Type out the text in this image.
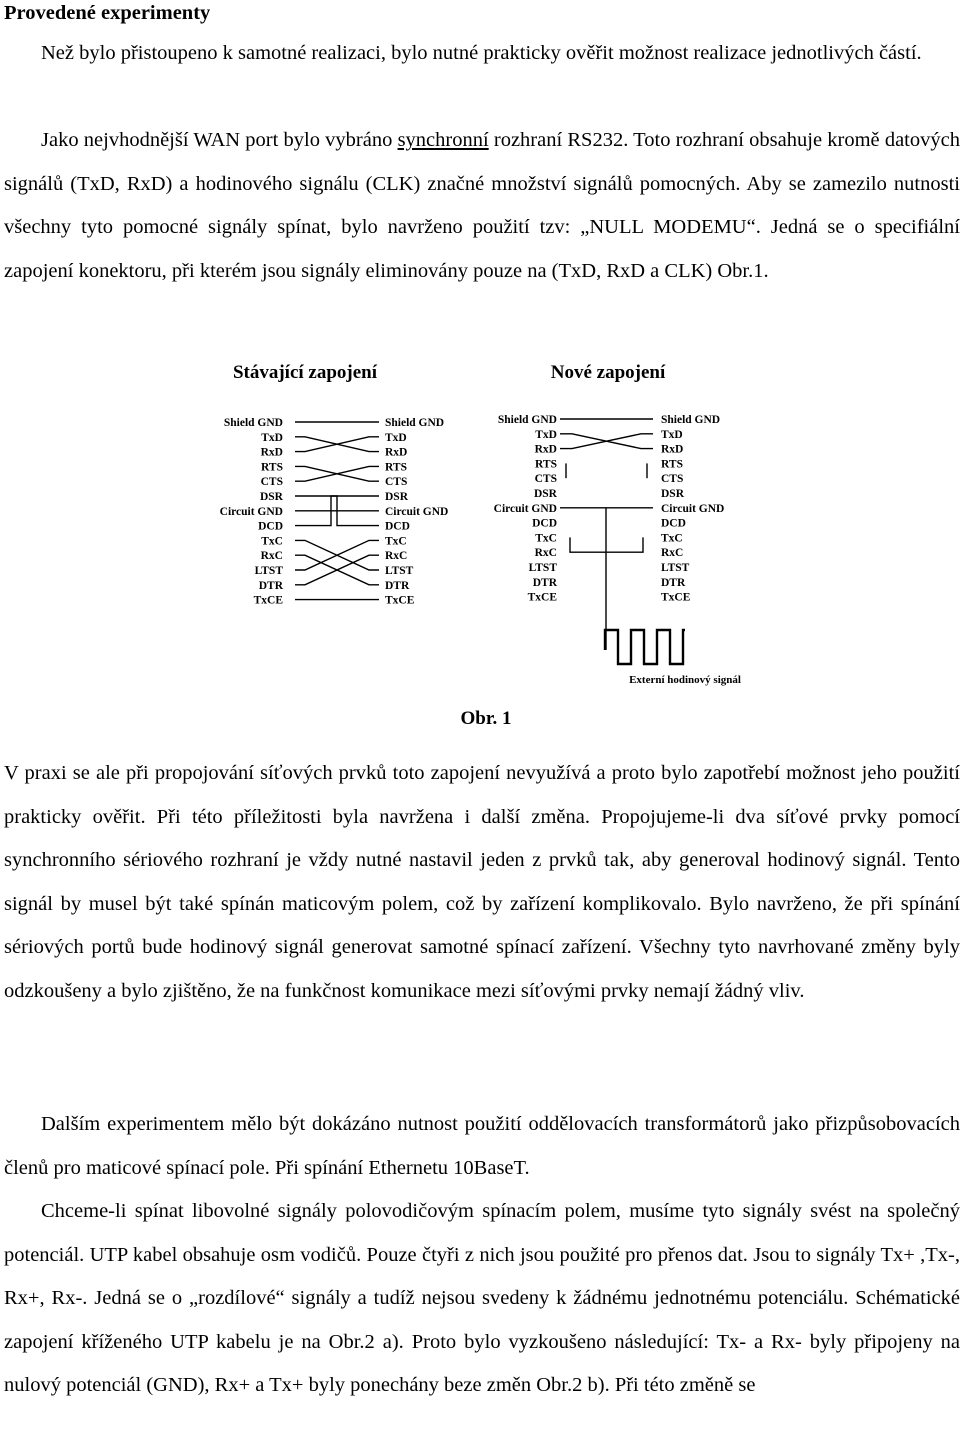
Provedené experimenty

Než bylo přistoupeno k samotné realizaci, bylo nutné prakticky ověřit možnost realizace jednotlivých částí.

Jako nejvhodnější WAN port bylo vybráno synchronní rozhraní RS232. Toto rozhraní obsahuje kromě datových signálů (TxD, RxD) a hodinového signálu (CLK) značné množství signálů pomocných. Aby se zamezilo nutnosti všechny tyto pomocné signály spínat, bylo navrženo použití tzv: „NULL MODEMU“. Jedná se o specifiální zapojení konektoru, při kterém jsou signály eliminovány pouze na (TxD, RxD a CLK) Obr.1.

Stávající zapojení	Nové zapojení
Shield GND
TxD
RxD
RTS
CTS
DSR
Circuit GND
DCD
TxC
RxC
LTST
DTR
TxCE
Shield GND
TxD
RxD
RTS
CTS
DSR
Circuit GND
DCD
TxC
RxC
LTST
DTR
TxCE
Shield GND
TxD
RxD
RTS
CTS
DSR
Circuit GND
DCD
TxC
RxC
LTST
DTR
TxCE
Shield GND
TxD
RxD
RTS
CTS
DSR
Circuit GND
DCD
TxC
RxC
LTST
DTR
TxCE
Externí hodinový signál
Obr. 1

V praxi se ale při propojování síťových prvků toto zapojení nevyužívá a proto bylo zapotřebí možnost jeho použití prakticky ověřit. Při této příležitosti byla navržena i další změna. Propojujeme-li dva síťové prvky pomocí synchronního sériového rozhraní je vždy nutné nastavil jeden z prvků tak, aby generoval hodinový signál. Tento signál by musel být také spínán maticovým polem, což by zařízení komplikovalo. Bylo navrženo, že při spínání sériových portů bude hodinový signál generovat samotné spínací zařízení. Všechny tyto navrhované změny byly odzkoušeny a bylo zjištěno, že na funkčnost komunikace mezi síťovými prvky nemají žádný vliv.

Dalším experimentem mělo být dokázáno nutnost použití oddělovacích transformátorů jako přizpůsobovacích členů pro maticové spínací pole. Při spínání Ethernetu 10BaseT.

Chceme-li spínat libovolné signály polovodičovým spínacím polem, musíme tyto signály svést na společný potenciál. UTP kabel obsahuje osm vodičů. Pouze čtyři z nich jsou použité pro přenos dat. Jsou to signály Tx+ ,Tx-, Rx+, Rx-. Jedná se o „rozdílové“ signály a tudíž nejsou svedeny k žádnému jednotnému potenciálu. Schématické zapojení kříženého UTP kabelu je na Obr.2 a). Proto bylo vyzkoušeno následující: Tx- a Rx- byly připojeny na nulový potenciál (GND), Rx+ a Tx+ byly ponechány beze změn Obr.2 b). Při této změně se
